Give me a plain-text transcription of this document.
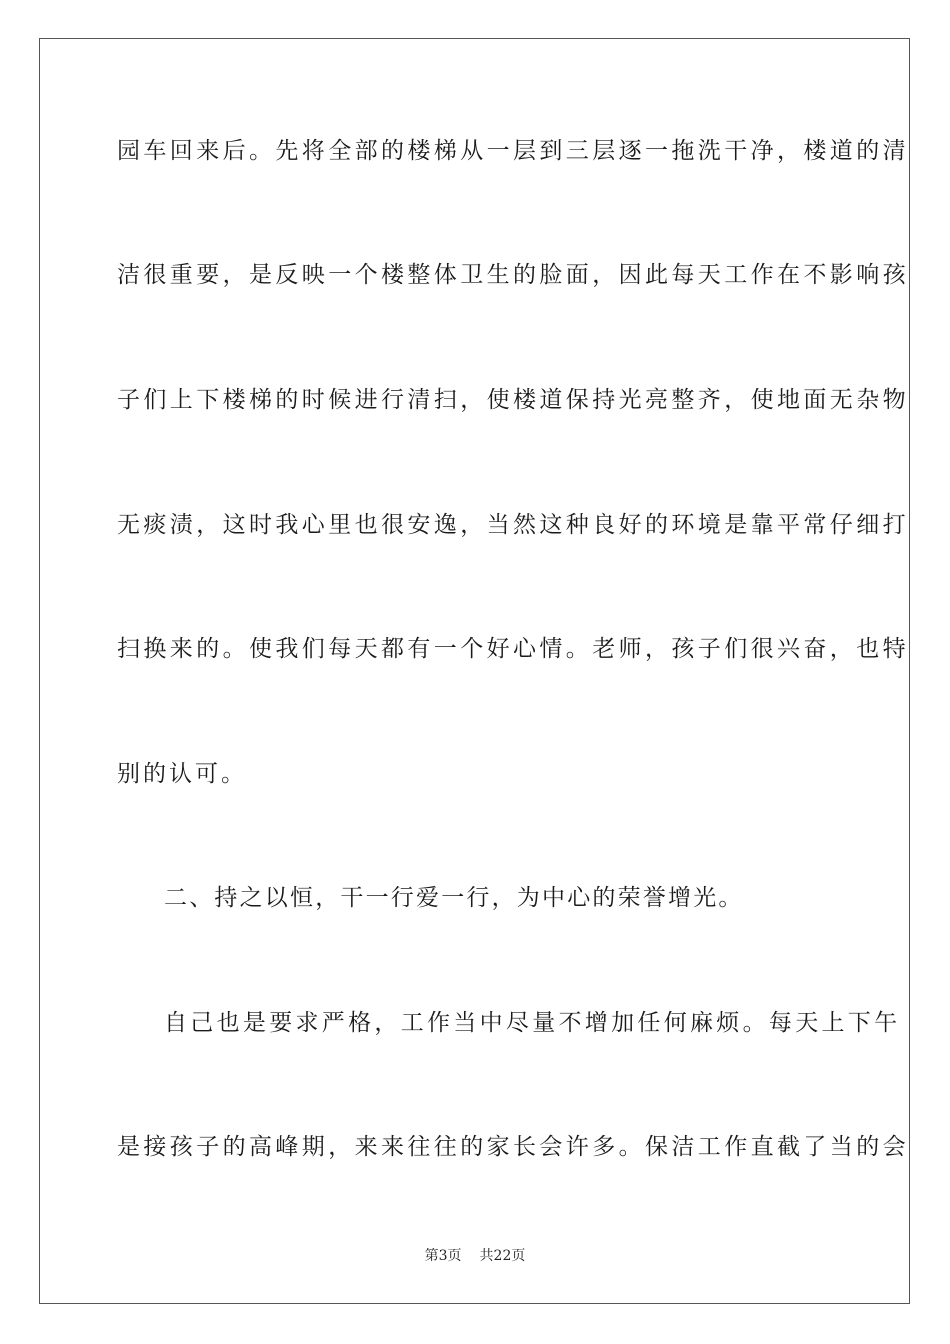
园车回来后。先将全部的楼梯从一层到三层逐一拖洗干净，楼道的清
洁很重要，是反映一个楼整体卫生的脸面，因此每天工作在不影响孩
子们上下楼梯的时候进行清扫，使楼道保持光亮整齐，使地面无杂物
无痰渍，这时我心里也很安逸，当然这种良好的环境是靠平常仔细打
扫换来的。使我们每天都有一个好心情。老师，孩子们很兴奋，也特
别的认可。
二、持之以恒，干一行爱一行，为中心的荣誉增光。
自己也是要求严格，工作当中尽量不增加任何麻烦。每天上下午
是接孩子的高峰期，来来往往的家长会许多。保洁工作直截了当的会
第3页 共22页
